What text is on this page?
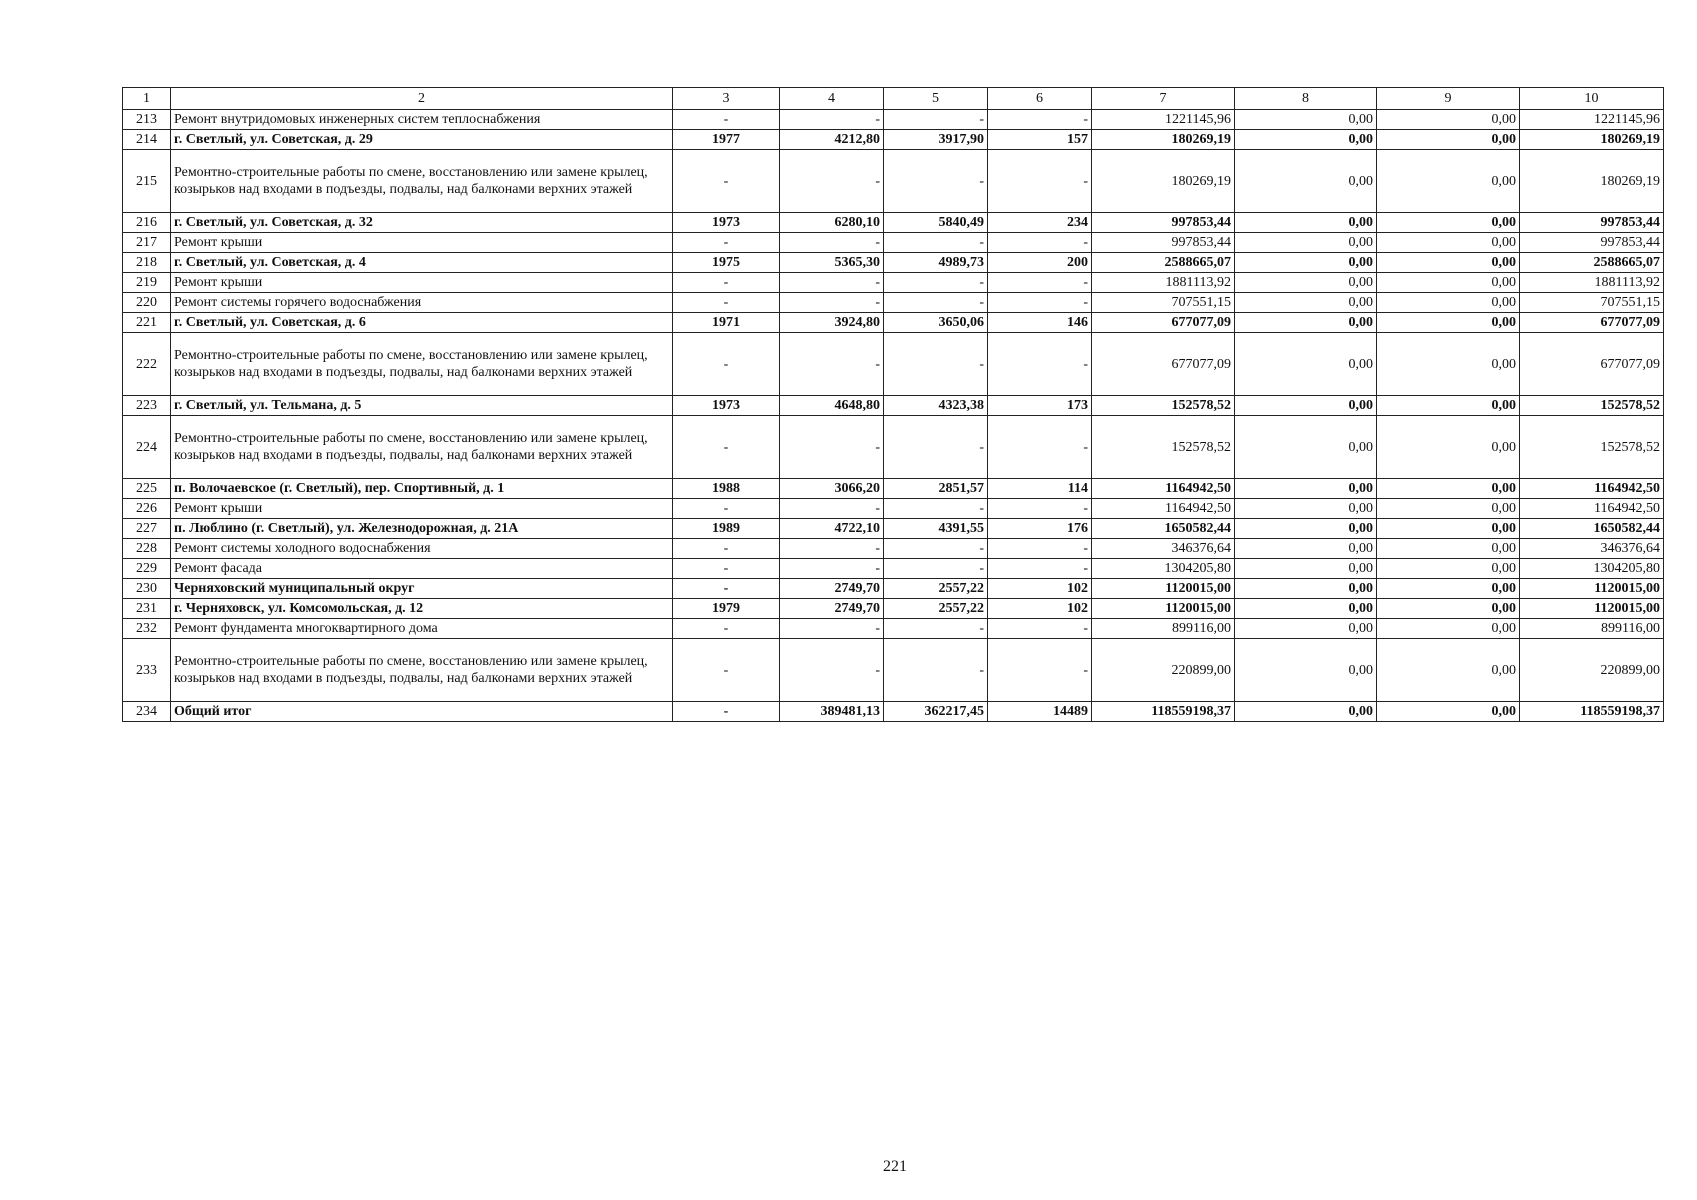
1	2	3	4	5	6	7	8	9	10
213	Ремонт внутридомовых инженерных систем теплоснабжения	-	-	-	-	1221145,96	0,00	0,00	1221145,96
214	г. Светлый, ул. Советская, д. 29	1977	4212,80	3917,90	157	180269,19	0,00	0,00	180269,19
215	Ремонтно-строительные работы по смене, восстановлению или замене крылец, козырьков над входами в подъезды, подвалы, над балконами верхних этажей	-	-	-	-	180269,19	0,00	0,00	180269,19
216	г. Светлый, ул. Советская, д. 32	1973	6280,10	5840,49	234	997853,44	0,00	0,00	997853,44
217	Ремонт крыши	-	-	-	-	997853,44	0,00	0,00	997853,44
218	г. Светлый, ул. Советская, д. 4	1975	5365,30	4989,73	200	2588665,07	0,00	0,00	2588665,07
219	Ремонт крыши	-	-	-	-	1881113,92	0,00	0,00	1881113,92
220	Ремонт системы горячего водоснабжения	-	-	-	-	707551,15	0,00	0,00	707551,15
221	г. Светлый, ул. Советская, д. 6	1971	3924,80	3650,06	146	677077,09	0,00	0,00	677077,09
222	Ремонтно-строительные работы по смене, восстановлению или замене крылец, козырьков над входами в подъезды, подвалы, над балконами верхних этажей	-	-	-	-	677077,09	0,00	0,00	677077,09
223	г. Светлый, ул. Тельмана, д. 5	1973	4648,80	4323,38	173	152578,52	0,00	0,00	152578,52
224	Ремонтно-строительные работы по смене, восстановлению или замене крылец, козырьков над входами в подъезды, подвалы, над балконами верхних этажей	-	-	-	-	152578,52	0,00	0,00	152578,52
225	п. Волочаевское (г. Светлый), пер. Спортивный, д. 1	1988	3066,20	2851,57	114	1164942,50	0,00	0,00	1164942,50
226	Ремонт крыши	-	-	-	-	1164942,50	0,00	0,00	1164942,50
227	п. Люблино (г. Светлый), ул. Железнодорожная, д. 21А	1989	4722,10	4391,55	176	1650582,44	0,00	0,00	1650582,44
228	Ремонт системы холодного водоснабжения	-	-	-	-	346376,64	0,00	0,00	346376,64
229	Ремонт фасада	-	-	-	-	1304205,80	0,00	0,00	1304205,80
230	Черняховский муниципальный округ	-	2749,70	2557,22	102	1120015,00	0,00	0,00	1120015,00
231	г. Черняховск, ул. Комсомольская, д. 12	1979	2749,70	2557,22	102	1120015,00	0,00	0,00	1120015,00
232	Ремонт фундамента многоквартирного дома	-	-	-	-	899116,00	0,00	0,00	899116,00
233	Ремонтно-строительные работы по смене, восстановлению или замене крылец, козырьков над входами в подъезды, подвалы, над балконами верхних этажей	-	-	-	-	220899,00	0,00	0,00	220899,00
234	Общий итог	-	389481,13	362217,45	14489	118559198,37	0,00	0,00	118559198,37
221
